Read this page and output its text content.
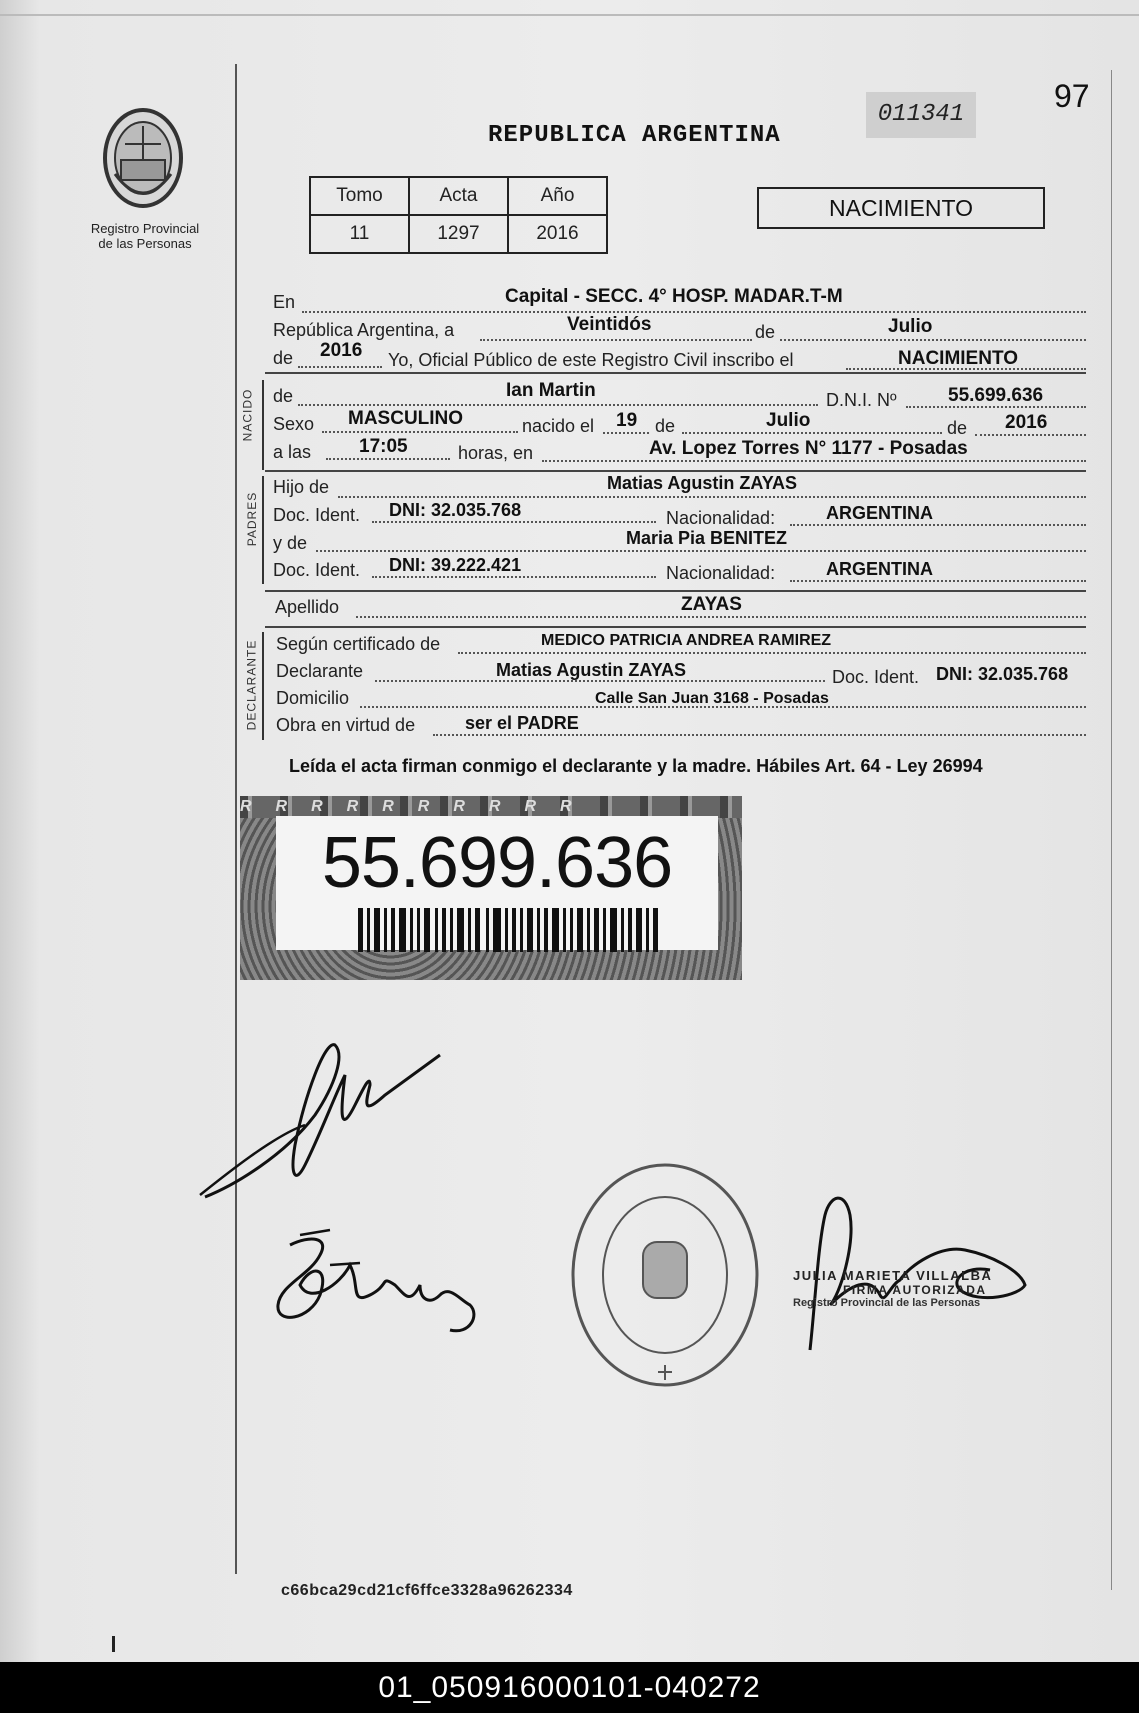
Registro Provincial
de las Personas
REPUBLICA ARGENTINA
011341
97
Tomo	Acta	Año
11	1297	2016
NACIMIENTO
En	Capital - SECC. 4° HOSP. MADAR.T-M
República Argentina, a	Veintidós	de	Julio
de 2016 Yo, Oficial Público de este Registro Civil inscribo el	NACIMIENTO
NACIDO de	Ian Martin	D.N.I. Nº	55.699.636
Sexo MASCULINO	nacido el 19 de	Julio	de 2016
a las	17:05	horas, en	Av. Lopez Torres N° 1177 - Posadas
PADRES
Hijo de	Matias Agustin ZAYAS
Doc. Ident. DNI: 32.035.768	Nacionalidad:	ARGENTINA
y de	Maria Pia BENITEZ
Doc. Ident. DNI: 39.222.421	Nacionalidad:	ARGENTINA
Apellido	ZAYAS
DECLARANTE Según certificado de	MEDICO PATRICIA ANDREA RAMIREZ
Declarante	Matias Agustin ZAYAS	Doc. Ident. DNI: 32.035.768
Domicilio	Calle San Juan 3168 - Posadas
Obra en virtud de	ser el PADRE
Leída el acta firman conmigo el declarante y la madre. Hábiles Art. 64 - Ley 26994
RRRRRRRRRR
55.699.636
JULIA MARIETA VILLALBA
FIRMA AUTORIZADA
Registro Provincial de las Personas
c66bca29cd21cf6ffce3328a96262334
01_050916000101-040272
